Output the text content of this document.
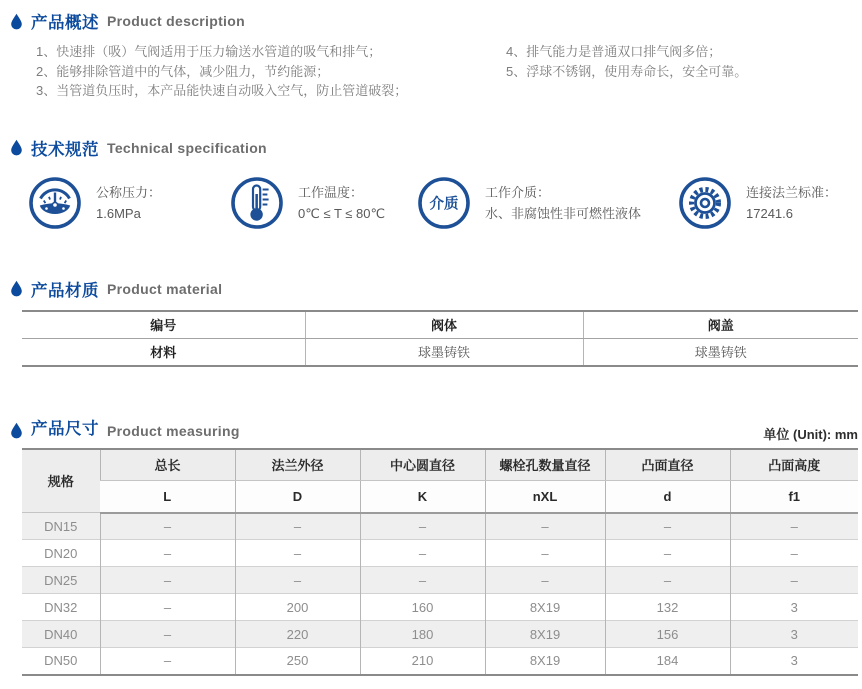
产品概述 Product description
1、快速排（吸）气阀适用于压力输送水管道的吸气和排气；
2、能够排除管道中的气体，减少阻力，节约能源；
3、当管道负压时，本产品能快速自动吸入空气，防止管道破裂；
4、排气能力是普通双口排气阀多倍；
5、浮球不锈钢，使用寿命长，安全可靠。
技术规范 Technical specification
公称压力：
1.6MPa
工作温度：
0℃ ≤ T ≤ 80℃
介质
工作介质：
水、非腐蚀性非可燃性液体
连接法兰标准：
17241.6
产品材质 Product material
编号	阀体	阀盖
材料	球墨铸铁	球墨铸铁
产品尺寸 Product measuring	单位 (Unit): mm
规格	总长	法兰外径	中心圆直径	螺栓孔数量直径	凸面直径	凸面高度
	L	D	K	nXL	d	f1
DN15	–	–	–	–	–	–
DN20	–	–	–	–	–	–
DN25	–	–	–	–	–	–
DN32	–	200	160	8X19	132	3
DN40	–	220	180	8X19	156	3
DN50	–	250	210	8X19	184	3
